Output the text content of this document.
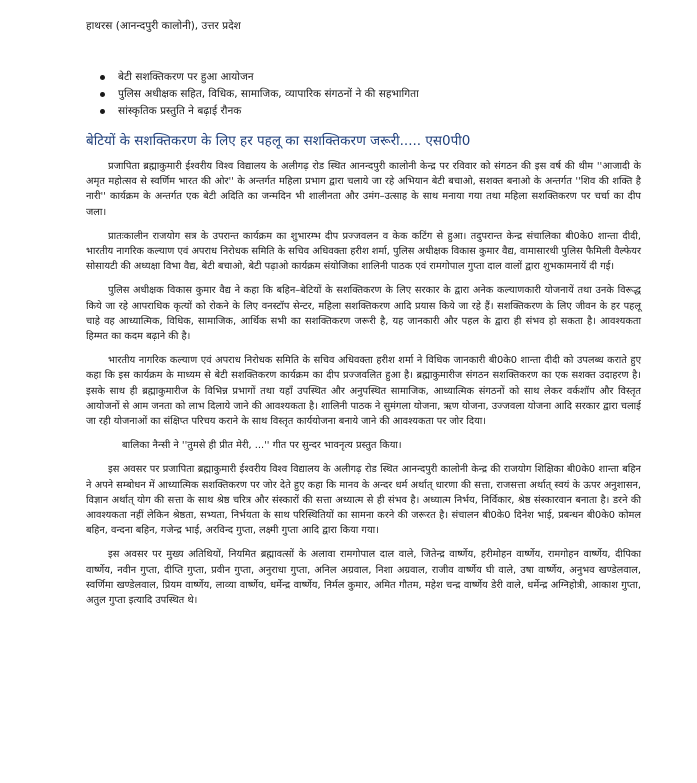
हाथरस (आनन्दपुरी कालोनी), उत्तर प्रदेश
बेटी सशक्तिकरण पर हुआ आयोजन
पुलिस अधीक्षक सहित, विधिक, सामाजिक, व्यापारिक संगठनों ने की सहभागिता
सांस्कृतिक प्रस्तुति ने बढ़ाई रौनक
बेटियों के सशक्तिकरण के लिए हर पहलू का सशक्तिकरण जरूरी..... एस0पी0

प्रजापिता ब्रह्माकुमारी ईश्वरीय विश्व विद्यालय के अलीगढ़ रोड स्थित आनन्दपुरी कालोनी केन्द्र पर रविवार को संगठन की इस वर्ष की थीम ''आजादी के अमृत महोत्सव से स्वर्णिम भारत की ओर'' के अन्तर्गत महिला प्रभाग द्वारा चलाये जा रहे अभियान बेटी बचाओ, सशक्त बनाओ के अन्तर्गत ''शिव की शक्ति है नारी'' कार्यक्रम के अन्तर्गत एक बेटी अदिति का जन्मदिन भी शालीनता और उमंग–उत्साह के साथ मनाया गया तथा महिला सशक्तिकरण पर चर्चा का दीप जला।

प्रातःकालीन राजयोग सत्र के उपरान्त कार्यक्रम का शुभारम्भ दीप प्रज्जवलन व केक कटिंग से हुआ। तदुपरान्त केन्द्र संचालिका बी0के0 शान्ता दीदी, भारतीय नागरिक कल्याण एवं अपराध निरोधक समिति के सचिव अधिवक्ता हरीश शर्मा, पुलिस अधीक्षक विकास कुमार वैद्य, वामासारथी पुलिस फैमिली वैल्फेयर सोसायटी की अध्यक्षा विभा वैद्य, बेटी बचाओ, बेटी पढ़ाओ कार्यक्रम संयोजिका शालिनी पाठक एवं रामगोपाल गुप्ता दाल वालों द्वारा शुभकामनायें दी गई।

पुलिस अधीक्षक विकास कुमार वैद्य ने कहा कि बहिन–बेटियों के सशक्तिकरण के लिए सरकार के द्वारा अनेक कल्याणकारी योजनायें तथा उनके विरूद्ध किये जा रहे आपराधिक कृत्यों को रोकने के लिए वनस्टॉप सेन्टर, महिला सशक्तिकरण आदि प्रयास किये जा रहे हैं। सशक्तिकरण के लिए जीवन के हर पहलू चाहे वह आध्यात्मिक, विधिक, सामाजिक, आर्थिक सभी का सशक्तिकरण जरूरी है, यह जानकारी और पहल के द्वारा ही संभव हो सकता है। आवश्यकता हिम्मत का कदम बढ़ाने की है।

भारतीय नागरिक कल्याण एवं अपराध निरोधक समिति के सचिव अधिवक्ता हरीश शर्मा ने विधिक जानकारी बी0के0 शान्ता दीदी को उपलब्ध कराते हुए कहा कि इस कार्यक्रम के माध्यम से बेटी सशक्तिकरण कार्यक्रम का दीप प्रज्जवलित हुआ है। ब्रह्माकुमारीज संगठन सशक्तिकरण का एक सशक्त उदाहरण है। इसके साथ ही ब्रह्माकुमारीज के विभिन्न प्रभागों तथा यहाँ उपस्थित और अनुपस्थित सामाजिक, आध्यात्मिक संगठनों को साथ लेकर वर्कशॉप और विस्तृत आयोजनों से आम जनता को लाभ दिलाये जाने की आवश्यकता है। शालिनी पाठक ने सुमंगला योजना, ऋण योजना, उज्जवला योजना आदि सरकार द्वारा चलाई जा रही योजनाओं का संक्षिप्त परिचय कराने के साथ विस्तृत कार्ययोजना बनाये जाने की आवश्यकता पर जोर दिया।

बालिका नैन्सी ने ''तुमसे ही प्रीत मेरी, ...'' गीत पर सुन्दर भावनृत्य प्रस्तुत किया।

इस अवसर पर प्रजापिता ब्रह्माकुमारी ईश्वरीय विश्व विद्यालय के अलीगढ़ रोड स्थित आनन्दपुरी कालोनी केन्द्र की राजयोग शिक्षिका बी0के0 शान्ता बहिन ने अपने सम्बोधन में आध्यात्मिक सशक्तिकरण पर जोर देते हुए कहा कि मानव के अन्दर धर्म अर्थात् धारणा की सत्ता, राजसत्ता अर्थात् स्वयं के ऊपर अनुशासन, विज्ञान अर्थात् योग की सत्ता के साथ श्रेष्ठ चरित्र और संस्कारों की सत्ता अध्यात्म से ही संभव है। अध्यात्म निर्भय, निर्विकार, श्रेष्ठ संस्कारवान बनाता है। डरने की आवश्यकता नहीं लेकिन श्रेष्ठता, सभ्यता, निर्भयता के साथ परिस्थितियों का सामना करने की जरूरत है। संचालन बी0के0 दिनेश भाई, प्रबन्धन बी0के0 कोमल बहिन, वन्दना बहिन, गजेन्द्र भाई, अरविन्द गुप्ता, लक्ष्मी गुप्ता आदि द्वारा किया गया।

इस अवसर पर मुख्य अतिथियों, नियमित ब्रह्मावत्सों के अलावा रामगोपाल दाल वाले, जितेन्द्र वार्ष्णेय, हरीमोहन वार्ष्णेय, रामगोहन वार्ष्णेय, दीपिका वार्ष्णेय, नवीन गुप्ता, दीप्ति गुप्ता, प्रवीन गुप्ता, अनुराधा गुप्ता, अनिल अग्रवाल, निशा अग्रवाल, राजीव वार्ष्णेय घी वाले, उषा वार्ष्णेय, अनुभव खण्डेलवाल, स्वर्णिमा खण्डेलवाल, प्रियम वार्ष्णेय, लाव्या वार्ष्णेय, धर्मेन्द्र वार्ष्णेय, निर्मल कुमार, अमित गौतम, महेश चन्द्र वार्ष्णेय डेरी वाले, धर्मेन्द्र अग्निहोत्री, आकाश गुप्ता, अतुल गुप्ता इत्यादि उपस्थित थे।
